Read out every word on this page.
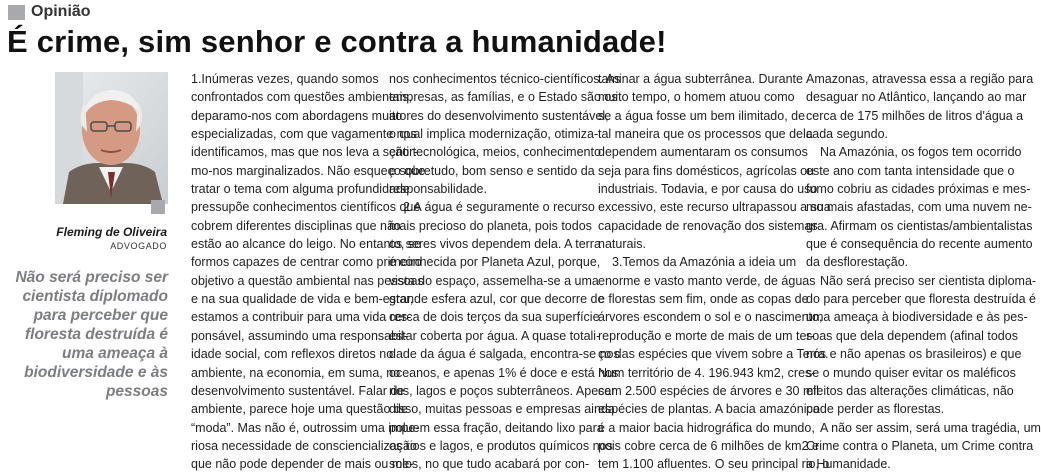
Opinião
É crime, sim senhor e contra a humanidade!
Fleming de Oliveira
ADVOGADO
Não será preciso ser cientista diplomado para perceber que floresta destruída é uma ameaça à biodiversidade e às pessoas

1.Inúmeras vezes, quando somos

confrontados com questões ambientais,

deparamo-nos com abordagens muito

especializadas, com que vagamente nos

identificamos, mas que nos leva a sentir-

mo-nos marginalizados. Não esqueço que

tratar o tema com alguma profundidade

pressupõe conhecimentos científicos que

cobrem diferentes disciplinas que não

estão ao alcance do leigo. No entanto, se

formos capazes de centrar como primeiro

objetivo a questão ambiental nas pessoas

e na sua qualidade de vida e bem-estar,

estamos a contribuir para uma vida res-

ponsável, assumindo uma responsabil-

idade social, com reflexos diretos no

ambiente, na economia, em suma, no

desenvolvimento sustentável. Falar de

ambiente, parece hoje uma questão de

“moda”. Mas não é, outrossim uma impe-

riosa necessidade de consciencialização

que não pode depender de mais ou me-

nos conhecimentos técnico-científicos. As

empresas, as famílias, e o Estado são os

atores do desenvolvimento sustentável,

o qual implica modernização, otimiza-

ção tecnológica, meios, conhecimento

e sobretudo, bom senso e sentido da

responsabilidade.

2.A água é seguramente o recurso

mais precioso do planeta, pois todos

os seres vivos dependem dela. A terra

é conhecida por Planeta Azul, porque,

vista do espaço, assemelha-se a uma

grande esfera azul, cor que decorre de

cerca de dois terços da sua superfície

estar coberta por água. A quase totali-

dade da água é salgada, encontra-se nos

oceanos, e apenas 1% é doce e está nos

rios, lagos e poços subterrâneos. Apesar

disso, muitas pessoas e empresas ainda

poluem essa fração, deitando lixo para

os rios e lagos, e produtos químicos nos

solos, no que tudo acabará por con-

taminar a água subterrânea. Durante

muito tempo, o homem atuou como

se a água fosse um bem ilimitado, de

tal maneira que os processos que dela

dependem aumentaram os consumos

seja para fins domésticos, agrícolas ou

industriais. Todavia, e por causa do uso

excessivo, este recurso ultrapassou a sua

capacidade de renovação dos sistemas

naturais.

3.Temos da Amazónia a ideia um

enorme e vasto manto verde, de águas

e florestas sem fim, onde as copas de

árvores escondem o sol e o nascimento,

reprodução e morte de mais de um ter-

ço das espécies que vivem sobre a Terra.

Num território de 4. 196.943 km2, cres-

cem 2.500 espécies de árvores e 30 mil

espécies de plantas. A bacia amazónica

é a maior bacia hidrográfica do mundo,

pois cobre cerca de 6 milhões de km2 e

tem 1.100 afluentes. O seu principal rio, o

Amazonas, atravessa essa a região para

desaguar no Atlântico, lançando ao mar

cerca de 175 milhões de litros d'água a

cada segundo.

Na Amazónia, os fogos tem ocorrido

este ano com tanta intensidade que o

fumo cobriu as cidades próximas e mes-

mo mais afastadas, com uma nuvem ne-

gra. Afirmam os cientistas/ambientalistas

que é consequência do recente aumento

da desflorestação.

Não será preciso ser cientista diploma-

do para perceber que floresta destruída é

uma ameaça à biodiversidade e às pes-

soas que dela dependem (afinal todos

nós e não apenas os brasileiros) e que

se o mundo quiser evitar os maléficos

efeitos das alterações climáticas, não

pode perder as florestas.

A não ser assim, será uma tragédia, um

Crime contra o Planeta, um Crime contra

a Humanidade.
